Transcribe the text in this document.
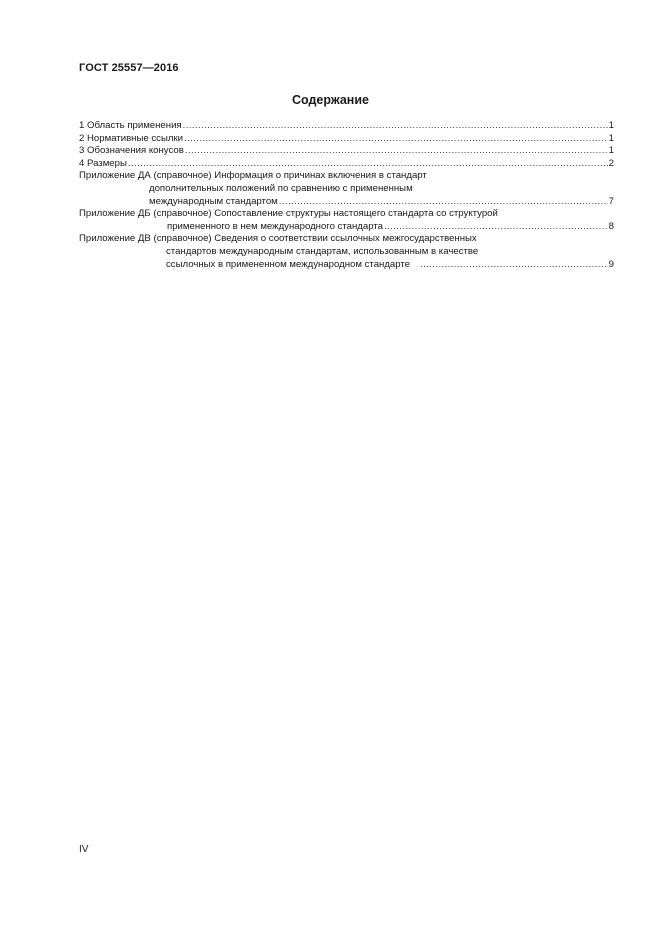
ГОСТ 25557—2016
Содержание
1 Область применения .....	1
2 Нормативные ссылки .....	1
3 Обозначения конусов .....	1
4 Размеры .....	2
Приложение ДА (справочное) Информация о причинах включения в стандарт
дополнительных положений по сравнению с примененным
международным стандартом .....	7
Приложение ДБ (справочное) Сопоставление структуры настоящего стандарта со структурой
примененного в нем международного стандарта .....	8
Приложение ДВ (справочное) Сведения о соответствии ссылочных межгосударственных
стандартов международным стандартам, использованным в качестве
ссылочных в примененном международном стандарте .....	9
IV
